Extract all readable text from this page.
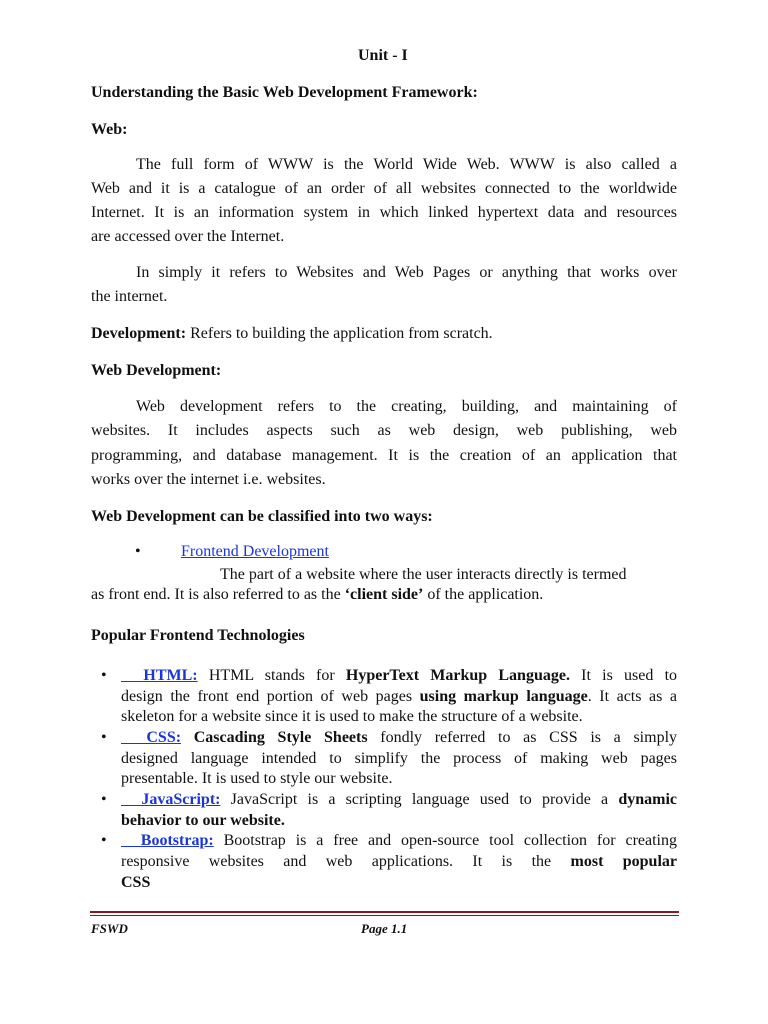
Unit - I
Understanding the Basic Web Development Framework:
Web:
The full form of WWW is the World Wide Web. WWW is also called a
Web and it is a catalogue of an order of all websites connected to the worldwide
Internet. It is an information system in which linked hypertext data and resources
are accessed over the Internet.
In simply it refers to Websites and Web Pages or anything that works over
the internet.
Development: Refers to building the application from scratch.
Web Development:
Web development refers to the creating, building, and maintaining of
websites. It includes aspects such as web design, web publishing, web
programming, and database management. It is the creation of an application that
works over the internet i.e. websites.
Web Development can be classified into two ways:
•	Frontend Development
The part of a website where the user interacts directly is termed
as front end. It is also referred to as the ‘client side’ of the application.
Popular Frontend Technologies
• HTML: HTML stands for HyperText Markup Language. It is used to
design the front end portion of web pages using markup language. It acts as a
skeleton for a website since it is used to make the structure of a website.
• CSS: Cascading Style Sheets fondly referred to as CSS is a simply
designed language intended to simplify the process of making web pages
presentable. It is used to style our website.
• JavaScript: JavaScript is a scripting language used to provide a dynamic
behavior to our website.
• Bootstrap: Bootstrap is a free and open-source tool collection for creating
responsive websites and web applications. It is the most popular
CSS
FSWD	Page 1.1
